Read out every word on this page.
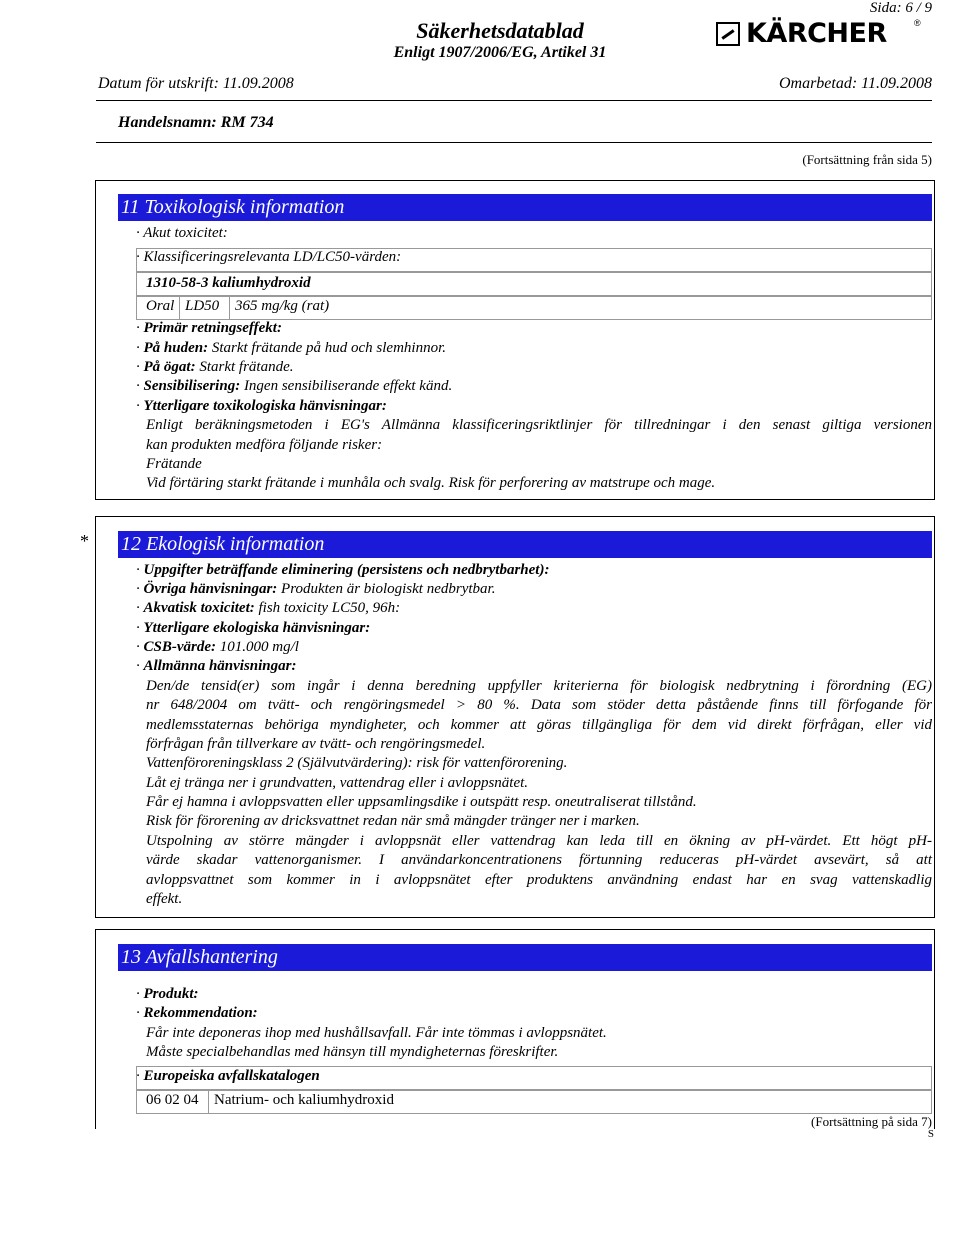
Sida: 6 / 9
Säkerhetsdatablad
Enligt 1907/2006/EG, Artikel 31
KÄRCHER	®
Datum för utskrift: 11.09.2008	Omarbetad: 11.09.2008
Handelsnamn: RM 734
(Fortsättning från sida 5)
11 Toxikologisk information
· Akut toxicitet:
· Klassificeringsrelevanta LD/LC50-värden:
1310-58-3 kaliumhydroxid
Oral LD50 365 mg/kg (rat)
· Primär retningseffekt:
· På huden: Starkt frätande på hud och slemhinnor.
· På ögat: Starkt frätande.
· Sensibilisering: Ingen sensibiliserande effekt känd.
· Ytterligare toxikologiska hänvisningar:
Enligt beräkningsmetoden i EG's Allmänna klassificeringsriktlinjer för tillredningar i den senast giltiga versionen
kan produkten medföra följande risker:
Frätande
Vid förtäring starkt frätande i munhåla och svalg. Risk för perforering av matstrupe och mage.
* 12 Ekologisk information
· Uppgifter beträffande eliminering (persistens och nedbrytbarhet):
· Övriga hänvisningar: Produkten är biologiskt nedbrytbar.
· Akvatisk toxicitet: fish toxicity LC50, 96h:
· Ytterligare ekologiska hänvisningar:
· CSB-värde: 101.000 mg/l
· Allmänna hänvisningar:
Den/de tensid(er) som ingår i denna beredning uppfyller kriterierna för biologisk nedbrytning i förordning (EG)
nr 648/2004 om tvätt- och rengöringsmedel > 80 %. Data som stöder detta påstående finns till förfogande för
medlemsstaternas behöriga myndigheter, och kommer att göras tillgängliga för dem vid direkt förfrågan, eller vid
förfrågan från tillverkare av tvätt- och rengöringsmedel.
Vattenföroreningsklass 2 (Självutvärdering): risk för vattenförorening.
Låt ej tränga ner i grundvatten, vattendrag eller i avloppsnätet.
Får ej hamna i avloppsvatten eller uppsamlingsdike i outspätt resp. oneutraliserat tillstånd.
Risk för förorening av dricksvattnet redan när små mängder tränger ner i marken.
Utspolning av större mängder i avloppsnät eller vattendrag kan leda till en ökning av pH-värdet. Ett högt pH-
värde skadar vattenorganismer. I användarkoncentrationens förtunning reduceras pH-värdet avsevärt, så att
avloppsvattnet som kommer in i avloppsnätet efter produktens användning endast har en svag vattenskadlig
effekt.
13 Avfallshantering
· Produkt:
· Rekommendation:
Får inte deponeras ihop med hushållsavfall. Får inte tömmas i avloppsnätet.
Måste specialbehandlas med hänsyn till myndigheternas föreskrifter.
· Europeiska avfallskatalogen
06 02 04 Natrium- och kaliumhydroxid
(Fortsättning på sida 7)
S
